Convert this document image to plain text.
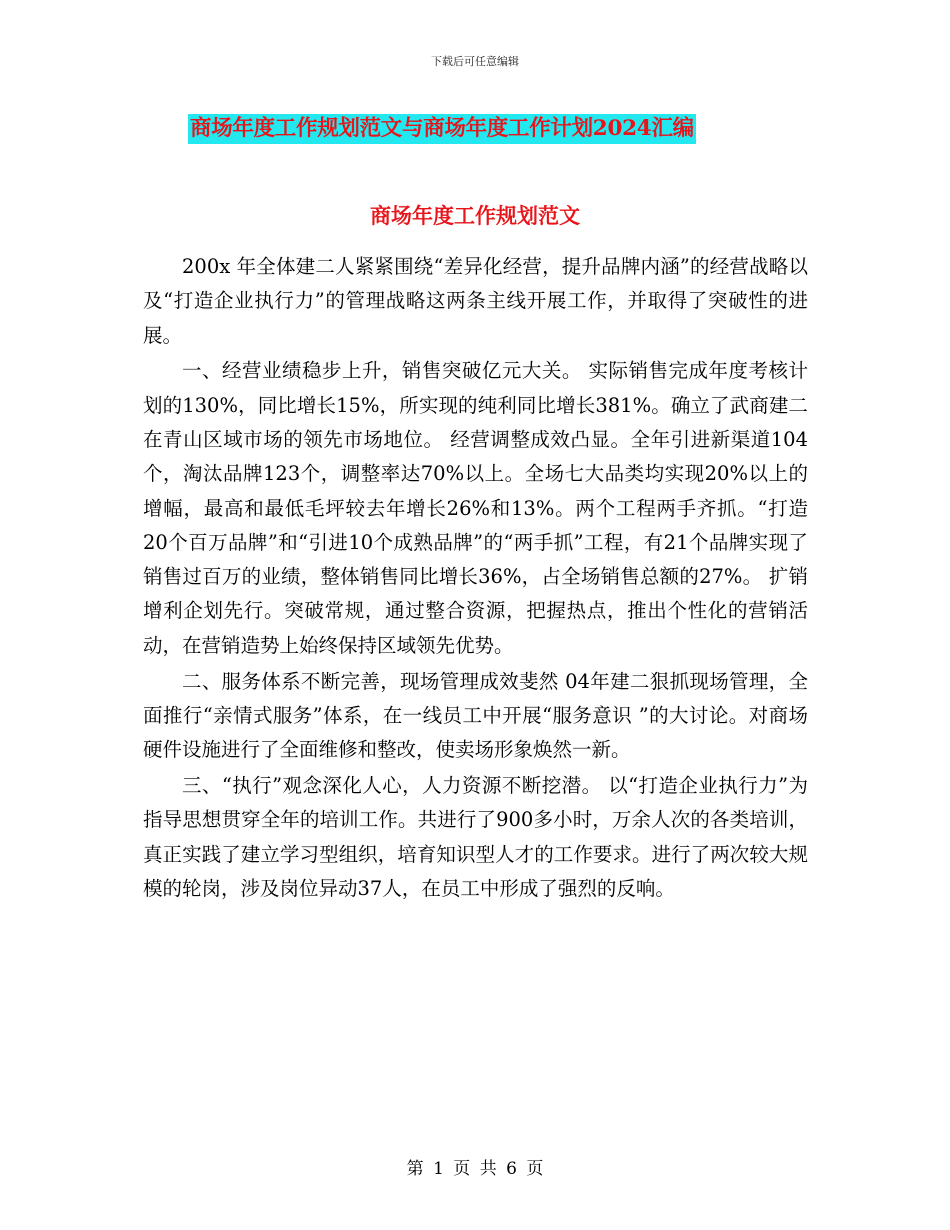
下载后可任意编辑
商场年度工作规划范文与商场年度工作计划2024汇编
商场年度工作规划范文

200x 年全体建二人紧紧围绕“差异化经营，提升品牌内涵”的经营战略以及“打造企业执行力”的管理战略这两条主线开展工作，并取得了突破性的进展。

一、经营业绩稳步上升，销售突破亿元大关。 实际销售完成年度考核计划的130%，同比增长15%，所实现的纯利同比增长381%。确立了武商建二在青山区域市场的领先市场地位。 经营调整成效凸显。全年引进新渠道104个，淘汰品牌123个，调整率达70%以上。全场七大品类均实现20%以上的增幅，最高和最低毛坪较去年增长26%和13%。两个工程两手齐抓。“打造20个百万品牌”和“引进10个成熟品牌”的“两手抓”工程，有21个品牌实现了销售过百万的业绩，整体销售同比增长36%，占全场销售总额的27%。 扩销增利企划先行。突破常规，通过整合资源，把握热点，推出个性化的营销活动，在营销造势上始终保持区域领先优势。

二、服务体系不断完善，现场管理成效斐然 04年建二狠抓现场管理，全面推行“亲情式服务”体系，在一线员工中开展“服务意识 ”的大讨论。对商场硬件设施进行了全面维修和整改，使卖场形象焕然一新。

三、“执行”观念深化人心，人力资源不断挖潜。 以“打造企业执行力”为指导思想贯穿全年的培训工作。共进行了900多小时，万余人次的各类培训，真正实践了建立学习型组织，培育知识型人才的工作要求。进行了两次较大规模的轮岗，涉及岗位异动37人，在员工中形成了强烈的反响。

第 1 页 共 6 页
